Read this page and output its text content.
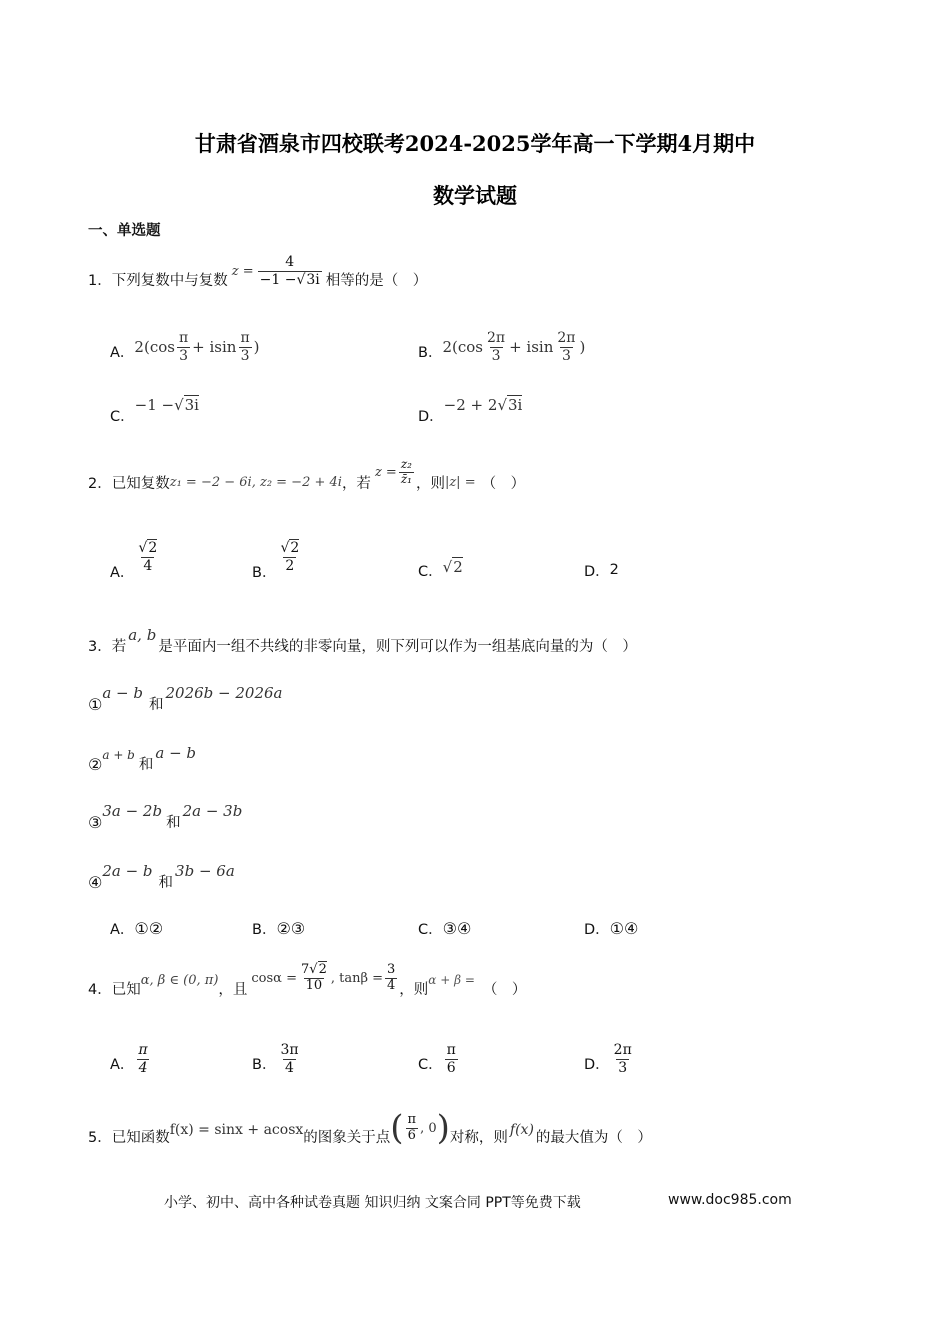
甘肃省酒泉市四校联考2024-2025学年高一下学期4月期中
数学试题
一、单选题
1．下列复数中与复数
$z = \frac{4}{-1 -√3i}$ 相等的是（　）
A． $2(\cos \frac{\pi}{3} + isin \frac{\pi}{3}$ )	B． $2(\cos \frac{2\pi}{3} + isin \frac{2\pi}{3}$ )
C．
−1 −√3i
D．
−2 + 2√3i
2．已知复数 z₁ = −2 − 6i, z₂ = −2 + 4i ，若
$z = \frac{\text{z₂}}{\text{z̄₁}}$ ，则 |z| = （　）
A． $\frac{√2}{4}$	B． $\frac{√2}{2}$	C． √2	D． 2
3．若
a, b
是平面内一组不共线的非零向量，则下列可以作为一组基底向量的为（　）
①
a − b
和
2026b − 2026a
② a + b
和
a − b
③
3a − 2b
和
2a − 3b
④
2a − b
和
3b − 6a
A．①②	B．②③	C．③④	D．①④
4．已知
α, β ∈ (0, π)
，且
$\cos\alpha = \frac{7√2}{10}$ , $\tan\beta = \frac{3}{4}$ ，则
α + β =
（　）
A． $\frac{\pi}{4}$	B． $\frac{3\pi}{4}$	C． $\frac{\pi}{6}$	D． $\frac{2\pi}{3}$
5．已知函数 f(x) = sinx + acosx 的图象关于点 ( $\frac{\pi}{6}$ , 0 ) 对称，则 f(x) 的最大值为（　）
小学、初中、高中各种试卷真题 知识归纳 文案合同 PPT等免费下载	www.doc985.com
